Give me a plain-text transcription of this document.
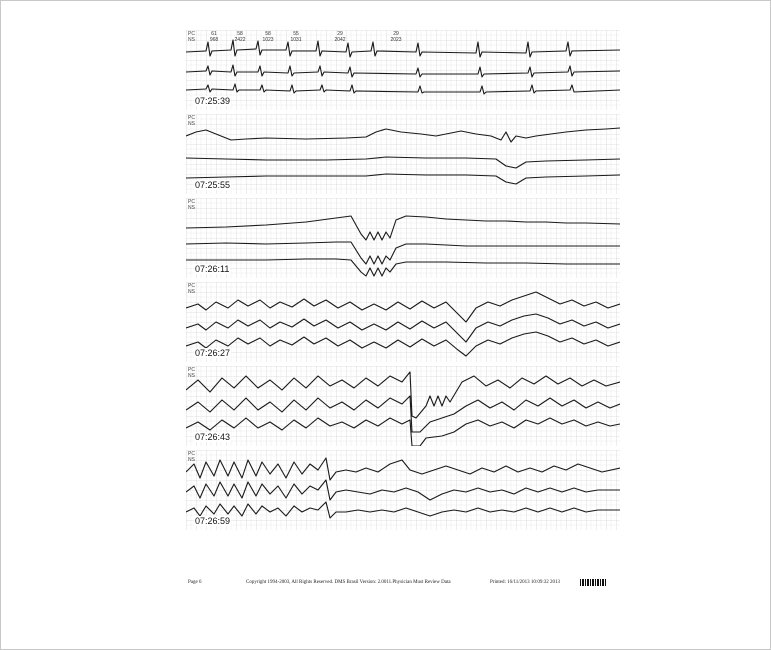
PC
NS
61
968
58
2422
58
1023
55
1031
29
2042
29
2023
07:25:39
PC
NS
07:25:55
PC
NS
07:26:11
PC
NS
07:26:27
PC
NS
07:26:43
PC
NS
07:26:59
Page 6	Copyright 1994-2003, All Rights Reserved. DMS Brasil Version: 2.0011.Physician Must Review Data	Printed: 16/11/2013 10:09:32 2013
